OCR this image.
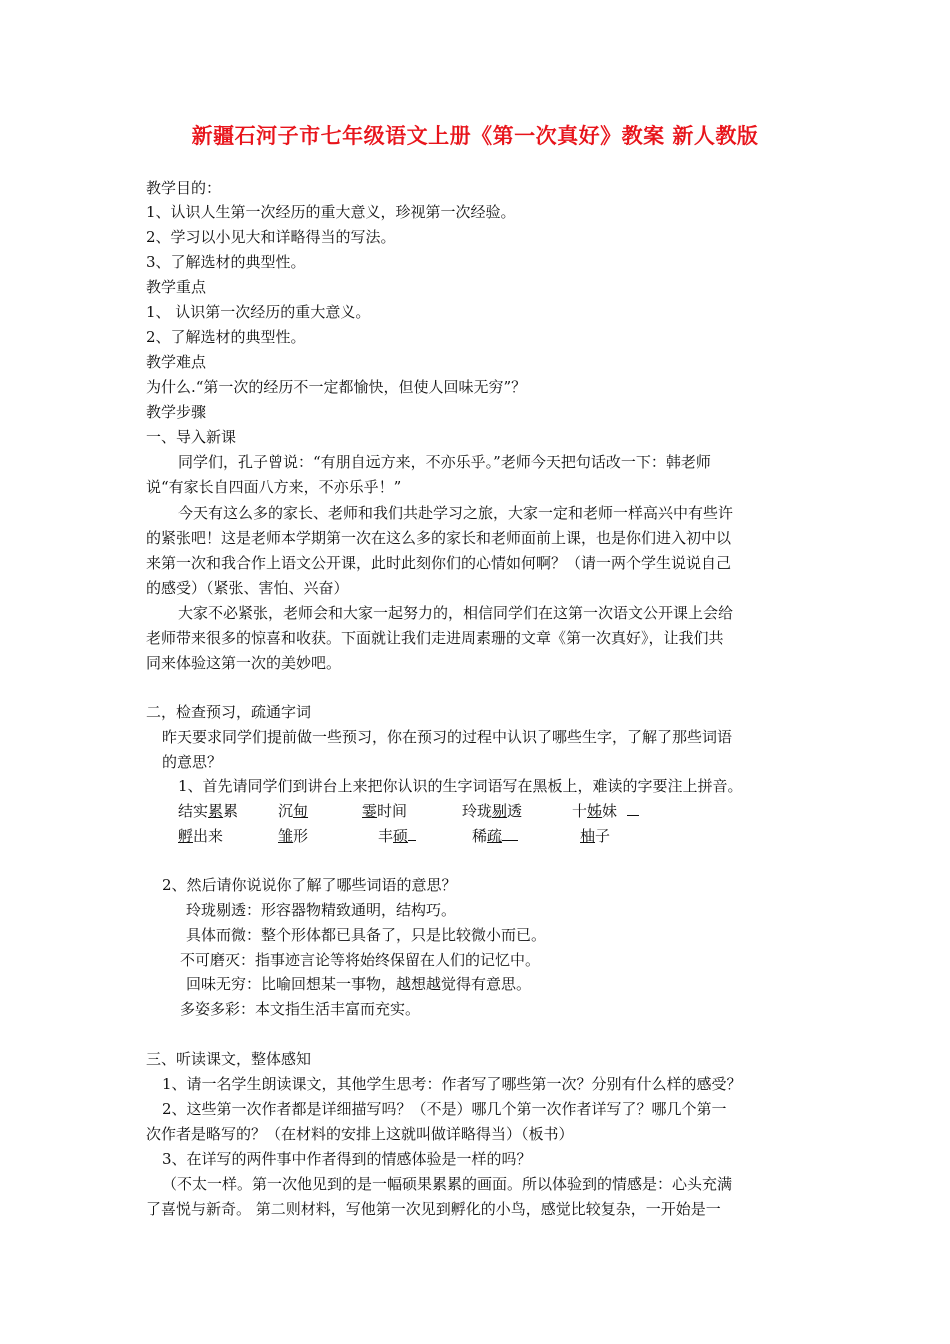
新疆石河子市七年级语文上册《第一次真好》教案 新人教版
教学目的：
1、认识人生第一次经历的重大意义，珍视第一次经验。
2、学习以小见大和详略得当的写法。
3、了解选材的典型性。
教学重点
1、 认识第一次经历的重大意义。
2、了解选材的典型性。
教学难点
为什么.“第一次的经历不一定都愉快，但使人回味无穷”？
教学步骤
一、导入新课
同学们，孔子曾说：“有朋自远方来，不亦乐乎。”老师今天把句话改一下：韩老师
说“有家长自四面八方来，不亦乐乎！”
今天有这么多的家长、老师和我们共赴学习之旅，大家一定和老师一样高兴中有些许
的紧张吧！这是老师本学期第一次在这么多的家长和老师面前上课，也是你们进入初中以
来第一次和我合作上语文公开课，此时此刻你们的心情如何啊？（请一两个学生说说自己
的感受）（紧张、害怕、兴奋）
大家不必紧张，老师会和大家一起努力的，相信同学们在这第一次语文公开课上会给
老师带来很多的惊喜和收获。下面就让我们走进周素珊的文章《第一次真好》，让我们共
同来体验这第一次的美妙吧。
二，检查预习，疏通字词
昨天要求同学们提前做一些预习，你在预习的过程中认识了哪些生字，了解了那些词语
的意思？
1、首先请同学们到讲台上来把你认识的生字词语写在黑板上，难读的字要注上拼音。
结实累累	沉甸	霎时间	玲珑剔透	十姊妹
孵出来	雏形	丰硕	稀疏	柚子
2、然后请你说说你了解了哪些词语的意思？
玲珑剔透：形容器物精致通明，结构巧。
具体而微：整个形体都已具备了，只是比较微小而已。
不可磨灭：指事迹言论等将始终保留在人们的记忆中。
回味无穷：比喻回想某一事物，越想越觉得有意思。
多姿多彩：本文指生活丰富而充实。
三、听读课文，整体感知
1、请一名学生朗读课文，其他学生思考：作者写了哪些第一次？分别有什么样的感受？
2、这些第一次作者都是详细描写吗？（不是）哪几个第一次作者详写了？哪几个第一
次作者是略写的？（在材料的安排上这就叫做详略得当）（板书）
3、在详写的两件事中作者得到的情感体验是一样的吗？
（不太一样。第一次他见到的是一幅硕果累累的画面。所以体验到的情感是：心头充满
了喜悦与新奇。 第二则材料，写他第一次见到孵化的小鸟，感觉比较复杂，一开始是一
